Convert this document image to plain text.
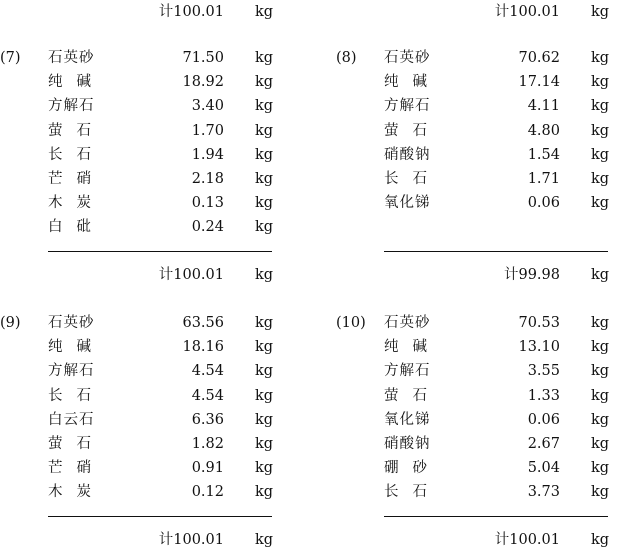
计100.01 kg	计100.01 kg
(7)	石英砂	71.50 kg
纯碱	18.92 kg
方解石	3.40 kg
萤石	1.70 kg
长石	1.94 kg
芒硝	2.18 kg
木炭	0.13 kg
白砒	0.24 kg
计100.01 kg
(8)	石英砂	70.62 kg
纯碱	17.14 kg
方解石	4.11 kg
萤石	4.80 kg
硝酸钠	1.54 kg
长石	1.71 kg
氧化锑	0.06 kg
计99.98 kg
(9)	石英砂	63.56 kg
纯碱	18.16 kg
方解石	4.54 kg
长石	4.54 kg
白云石	6.36 kg
萤石	1.82 kg
芒硝	0.91 kg
木炭	0.12 kg
计100.01 kg
(10)	石英砂	70.53 kg
纯碱	13.10 kg
方解石	3.55 kg
萤石	1.33 kg
氧化锑	0.06 kg
硝酸钠	2.67 kg
硼砂	5.04 kg
长石	3.73 kg
计100.01 kg
